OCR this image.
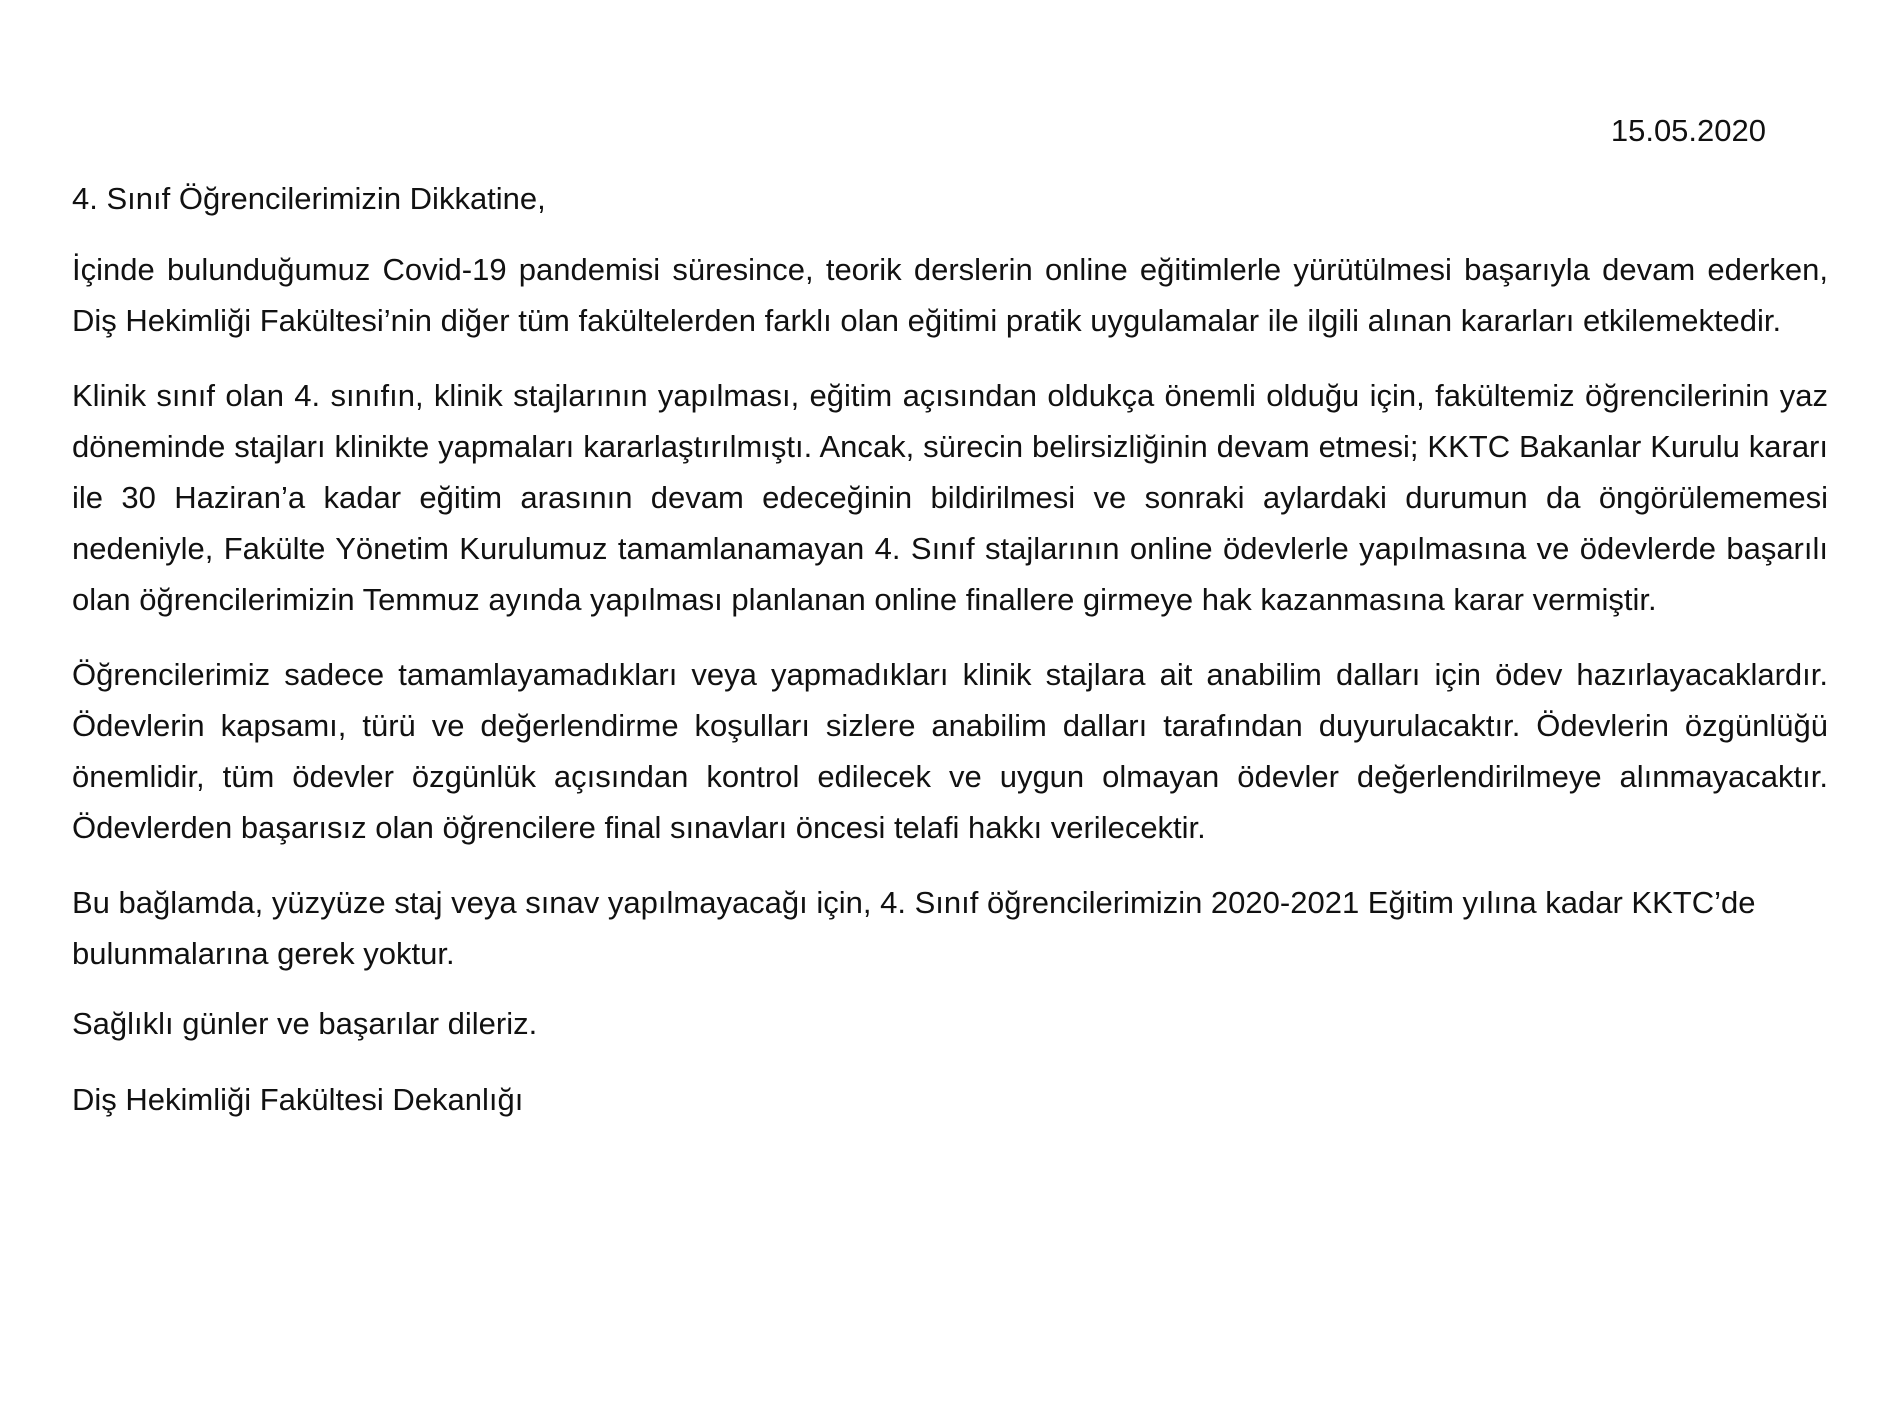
15.05.2020
4. Sınıf Öğrencilerimizin Dikkatine,
İçinde bulunduğumuz Covid-19 pandemisi süresince, teorik derslerin online eğitimlerle yürütülmesi başarıyla devam ederken, Diş Hekimliği Fakültesi’nin diğer tüm fakültelerden farklı olan eğitimi pratik uygulamalar ile ilgili alınan kararları etkilemektedir.
Klinik sınıf olan 4. sınıfın, klinik stajlarının yapılması, eğitim açısından oldukça önemli olduğu için, fakültemiz öğrencilerinin yaz döneminde stajları klinikte yapmaları kararlaştırılmıştı. Ancak, sürecin belirsizliğinin devam etmesi; KKTC Bakanlar Kurulu kararı ile 30 Haziran’a kadar eğitim arasının devam edeceğinin bildirilmesi ve sonraki aylardaki durumun da öngörülememesi nedeniyle, Fakülte Yönetim Kurulumuz tamamlanamayan 4. Sınıf stajlarının online ödevlerle yapılmasına ve ödevlerde başarılı olan öğrencilerimizin Temmuz ayında yapılması planlanan online finallere girmeye hak kazanmasına karar vermiştir.
Öğrencilerimiz sadece tamamlayamadıkları veya yapmadıkları klinik stajlara ait anabilim dalları için ödev hazırlayacaklardır. Ödevlerin kapsamı, türü ve değerlendirme koşulları sizlere anabilim dalları tarafından duyurulacaktır. Ödevlerin özgünlüğü önemlidir, tüm ödevler özgünlük açısından kontrol edilecek ve uygun olmayan ödevler değerlendirilmeye alınmayacaktır. Ödevlerden başarısız olan öğrencilere final sınavları öncesi telafi hakkı verilecektir.
Bu bağlamda, yüzyüze staj veya sınav yapılmayacağı için, 4. Sınıf öğrencilerimizin 2020-2021 Eğitim yılına kadar KKTC’de bulunmalarına gerek yoktur.
Sağlıklı günler ve başarılar dileriz.
Diş Hekimliği Fakültesi Dekanlığı
